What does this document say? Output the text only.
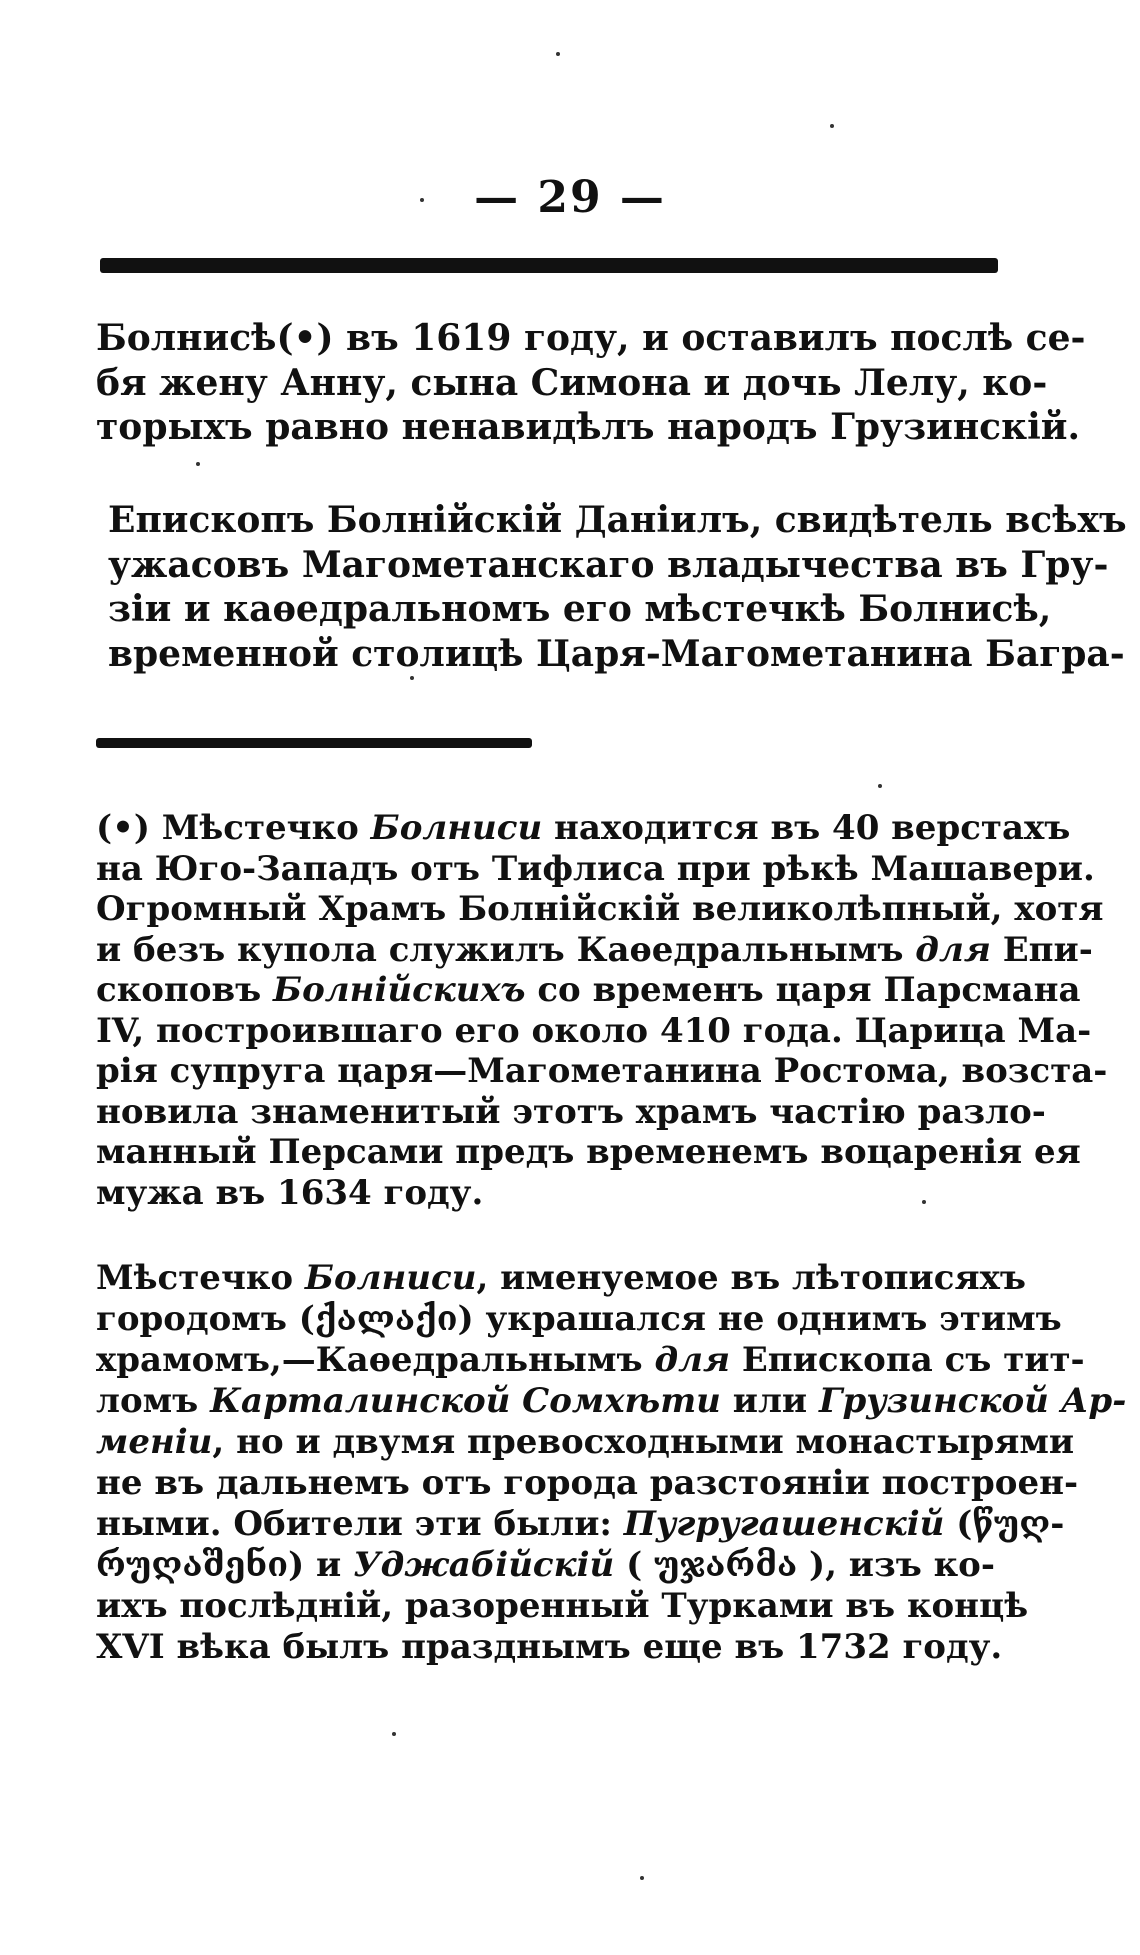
— 29 —
Болнисѣ(•) въ 1619 году, и оставилъ послѣ се-
бя жену Анну, сына Симона и дочь Лелу, ко-
торыхъ равно ненавидѣлъ народъ Грузинскiй.
Епископъ Болнiйскiй Данiилъ, свидѣтель всѣхъ
ужасовъ Магометанскаго владычества въ Гру-
зiи и каѳедральномъ его мѣстечкѣ Болнисѣ,
временной столицѣ Царя-Магометанина Багра-
(•) Мѣстечко Болниси находится въ 40 верстахъ
на Юго-Западъ отъ Тифлиса при рѣкѣ Машавери.
Огромный Храмъ Болнiйскiй великолѣпный, хотя
и безъ купола служилъ Каѳедральнымъ для Епи-
скоповъ Болнiйскихъ со временъ царя Парсмана
IV, построившаго его около 410 года. Царица Ма-
рiя супруга царя—Магометанина Ростома, возста-
новила знаменитый этотъ храмъ частiю разло-
манный Персами предъ временемъ воцаренiя ея
мужа въ 1634 году.
Мѣстечко Болниси, именуемое въ лѣтописяхъ
городомъ (ქალაქი) украшался не однимъ этимъ
храмомъ,—Каѳедральнымъ для Епископа съ тит-
ломъ Карталинской Сомхѣти или Грузинской Ар-
менiи, но и двумя превосходными монастырями
не въ дальнемъ отъ города разстоянiи построен-
ными. Обители эти были: Пугругашенскiй (წუღ-
რუღაშენი) и Уджабiйскiй ( უჯარმა ), изъ ко-
ихъ послѣднiй, разоренный Турками въ концѣ
XVI вѣка былъ празднымъ еще въ 1732 году.
